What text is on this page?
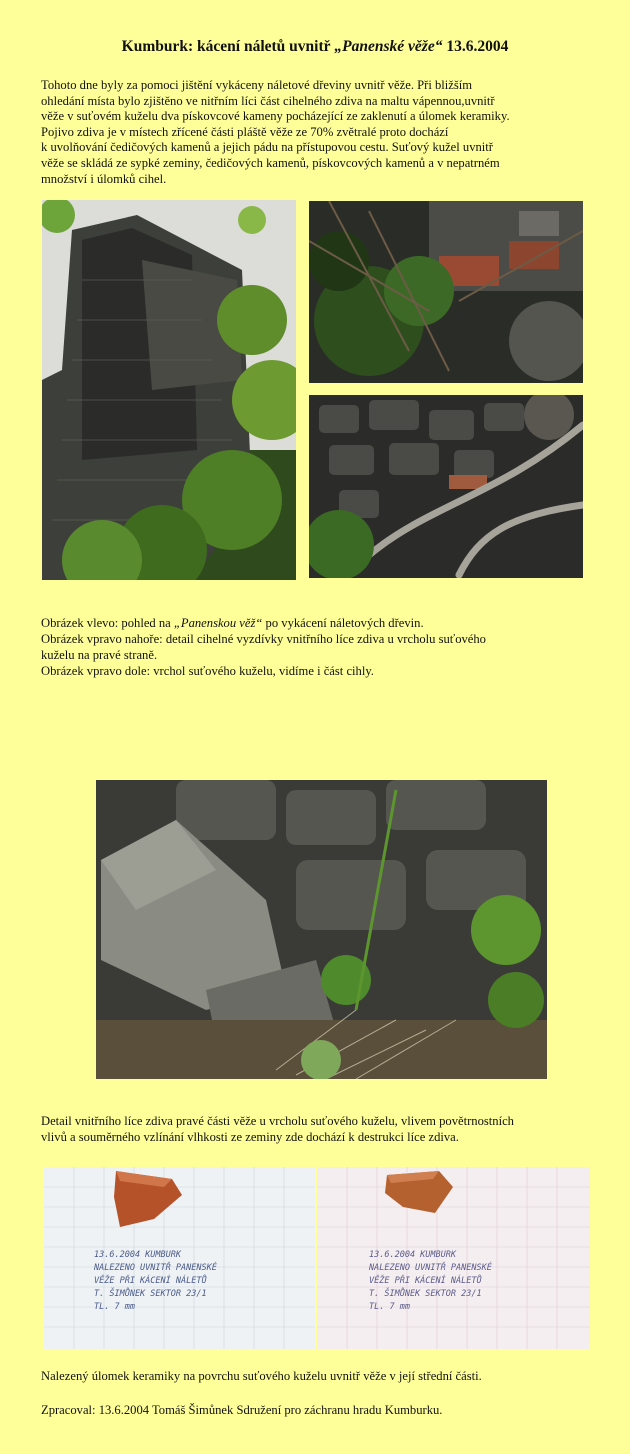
Kumburk: kácení náletů uvnitř „Panenské věže“ 13.6.2004
Tohoto dne byly za pomoci jištění vykáceny náletové dřeviny uvnitř věže. Při bližším
ohledání místa bylo zjištěno ve nitřním líci část cihelného zdiva na maltu vápennou,uvnitř
věže v suťovém kuželu dva pískovcové kameny pocházející ze zaklenutí a úlomek keramiky.
Pojivo zdiva je v místech zřícené části pláště věže ze 70% zvětralé proto dochází
k uvolňování čedičových kamenů a jejich pádu na přístupovou cestu. Suťový kužel uvnitř
věže se skládá ze sypké zeminy, čedičových kamenů, pískovcových kamenů a v nepatrném
množství i úlomků cihel.
Obrázek vlevo: pohled na „Panenskou věž“ po vykácení náletových dřevin.
Obrázek vpravo nahoře: detail cihelné vyzdívky vnitřního líce zdiva u vrcholu suťového
kuželu na pravé straně.
Obrázek vpravo dole: vrchol suťového kuželu, vidíme i část cihly.
Detail vnitřního líce zdiva pravé části věže u vrcholu suťového kuželu, vlivem povětrnostních
vlivů a souměrného vzlínání vlhkosti ze zeminy zde dochází k destrukci líce zdiva.
13.6.2004 KUMBURK
NALEZENO UVNITŘ PANENSKÉ
VĚŽE PŘI KÁCENÍ NÁLETŮ
T. ŠIMŮNEK SEKTOR 23/1
TL. 7 mm
13.6.2004 KUMBURK
NALEZENO UVNITŘ PANENSKÉ
VĚŽE PŘI KÁCENÍ NÁLETŮ
T. ŠIMŮNEK SEKTOR 23/1
TL. 7 mm
Nalezený úlomek keramiky na povrchu suťového kuželu uvnitř věže v její střední části.
Zpracoval: 13.6.2004 Tomáš Šimůnek Sdružení pro záchranu hradu Kumburku.
